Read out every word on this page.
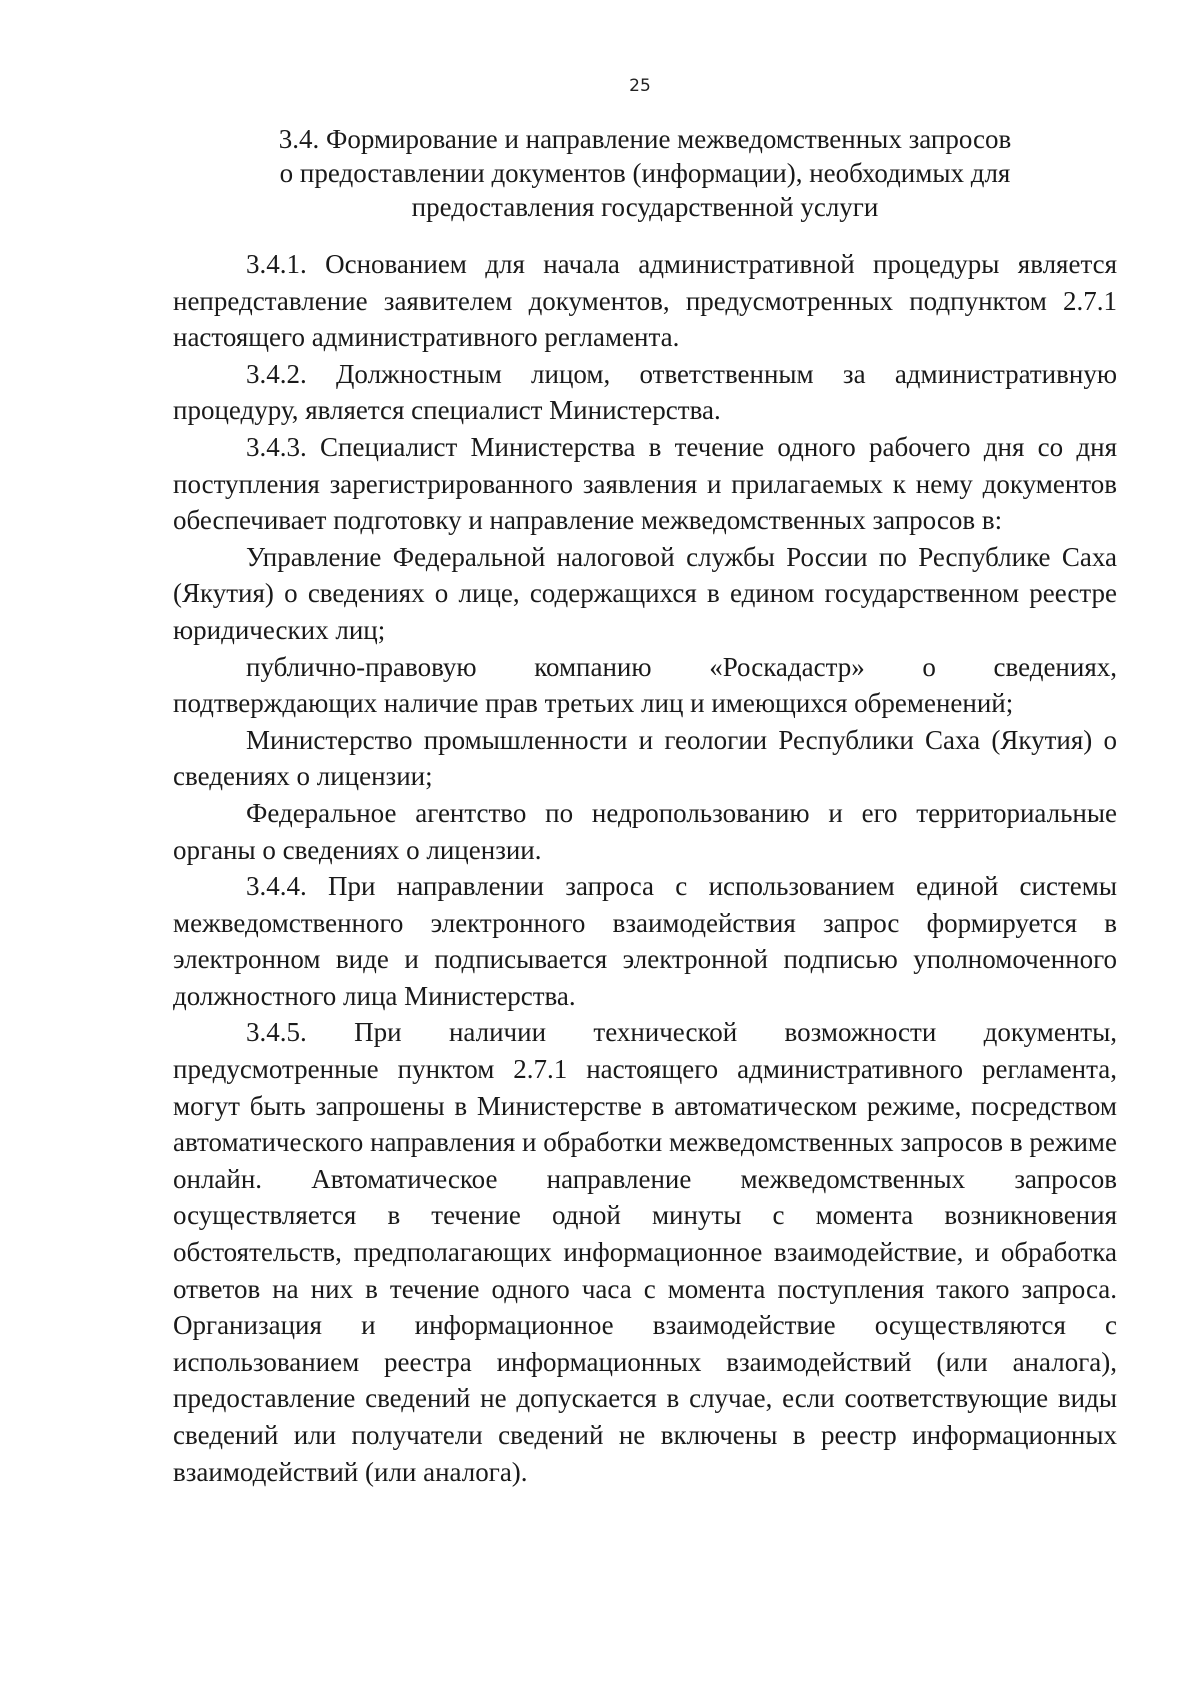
25
3.4. Формирование и направление межведомственных запросов
о предоставлении документов (информации), необходимых для
предоставления государственной услуги

3.4.1. Основанием для начала административной процедуры является непредставление заявителем документов, предусмотренных подпунктом 2.7.1 настоящего административного регламента.

3.4.2. Должностным лицом, ответственным за административную процедуру, является специалист Министерства.

3.4.3. Специалист Министерства в течение одного рабочего дня со дня поступления зарегистрированного заявления и прилагаемых к нему документов обеспечивает подготовку и направление межведомственных запросов в:

Управление Федеральной налоговой службы России по Республике Саха (Якутия) о сведениях о лице, содержащихся в едином государственном реестре юридических лиц;

публично-правовую компанию «Роскадастр» о сведениях, подтверждающих наличие прав третьих лиц и имеющихся обременений;

Министерство промышленности и геологии Республики Саха (Якутия) о сведениях о лицензии;

Федеральное агентство по недропользованию и его территориальные органы о сведениях о лицензии.

3.4.4. При направлении запроса с использованием единой системы межведомственного электронного взаимодействия запрос формируется в электронном виде и подписывается электронной подписью уполномоченного должностного лица Министерства.

3.4.5. При наличии технической возможности документы, предусмотренные пунктом 2.7.1 настоящего административного регламента, могут быть запрошены в Министерстве в автоматическом режиме, посредством автоматического направления и обработки межведомственных запросов в режиме онлайн. Автоматическое направление межведомственных запросов осуществляется в течение одной минуты с момента возникновения обстоятельств, предполагающих информационное взаимодействие, и обработка ответов на них в течение одного часа с момента поступления такого запроса. Организация и информационное взаимодействие осуществляются с использованием реестра информационных взаимодействий (или аналога), предоставление сведений не допускается в случае, если соответствующие виды сведений или получатели сведений не включены в реестр информационных взаимодействий (или аналога).
